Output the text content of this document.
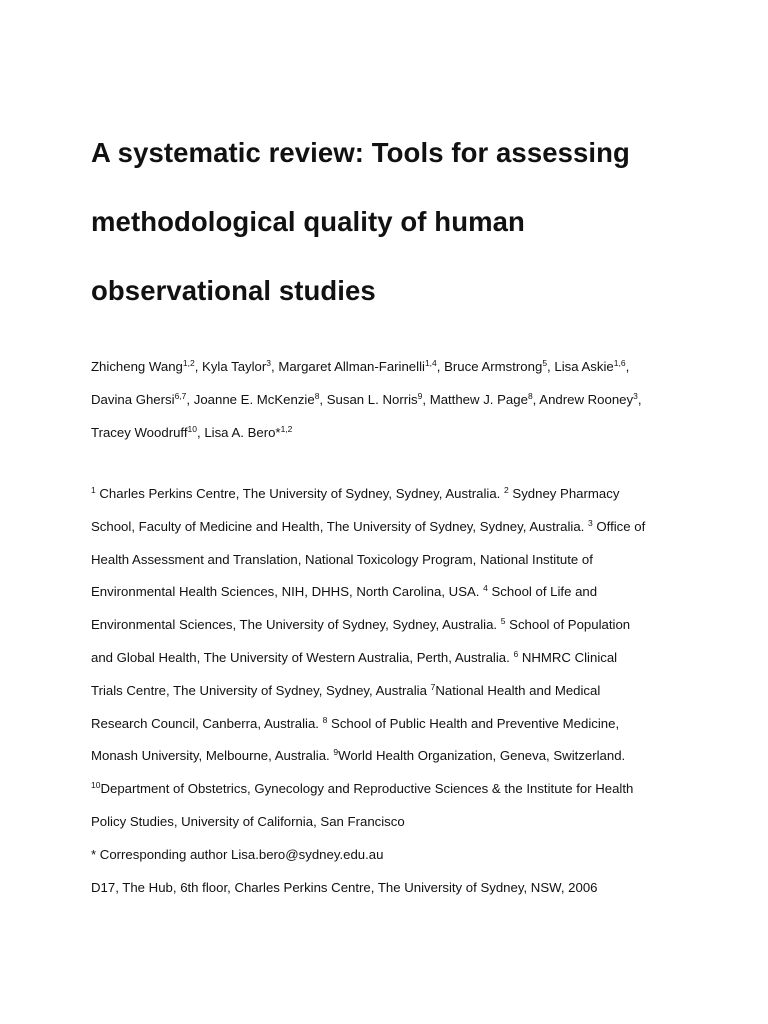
A systematic review: Tools for assessing
methodological quality of human
observational studies
Zhicheng Wang$^{1,2}$, Kyla Taylor$^3$, Margaret Allman-Farinelli$^{1,4}$, Bruce Armstrong$^5$, Lisa Askie$^{1,6}$,
Davina Ghersi$^{6,7}$, Joanne E. McKenzie$^8$, Susan L. Norris$^9$, Matthew J. Page$^8$, Andrew Rooney$^3$,
Tracey Woodruff$^{10}$, Lisa A. Bero*$^{1,2}$
$^1$ Charles Perkins Centre, The University of Sydney, Sydney, Australia. $^2$ Sydney Pharmacy
School, Faculty of Medicine and Health, The University of Sydney, Sydney, Australia. $^3$ Office of
Health Assessment and Translation, National Toxicology Program, National Institute of
Environmental Health Sciences, NIH, DHHS, North Carolina, USA. $^4$ School of Life and
Environmental Sciences, The University of Sydney, Sydney, Australia. $^5$ School of Population
and Global Health, The University of Western Australia, Perth, Australia. $^6$ NHMRC Clinical
Trials Centre, The University of Sydney, Sydney, Australia $^7$National Health and Medical
Research Council, Canberra, Australia. $^8$ School of Public Health and Preventive Medicine,
Monash University, Melbourne, Australia. $^9$World Health Organization, Geneva, Switzerland.
$^{10}$Department of Obstetrics, Gynecology and Reproductive Sciences & the Institute for Health
Policy Studies, University of California, San Francisco
* Corresponding author Lisa.bero@sydney.edu.au
D17, The Hub, 6th floor, Charles Perkins Centre, The University of Sydney, NSW, 2006
